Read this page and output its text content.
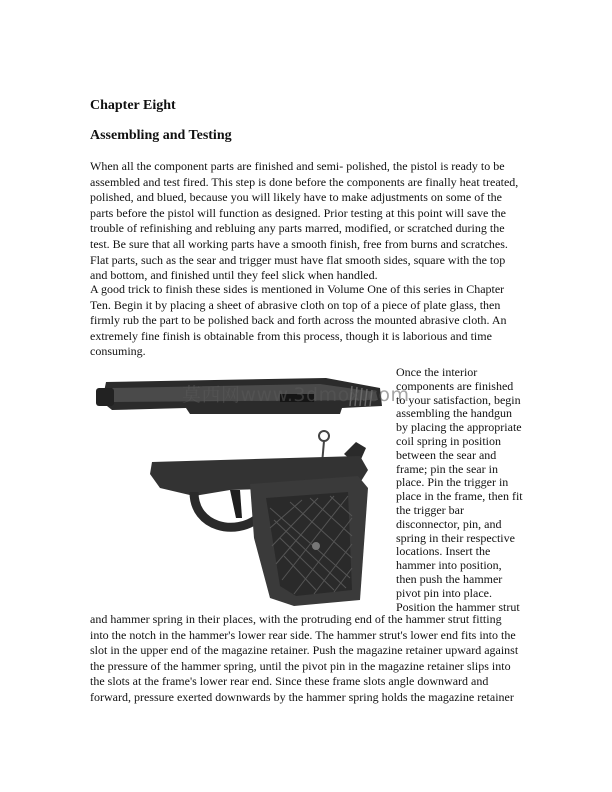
Chapter Eight
Assembling and Testing

When all the component parts are finished and semi- polished, the pistol is ready to be assembled and test fired. This step is done before the components are finally heat treated, polished, and blued, because you will likely have to make adjustments on some of the parts before the pistol will function as designed. Prior testing at this point will save the trouble of refinishing and rebluing any parts marred, modified, or scratched during the test. Be sure that all working parts have a smooth finish, free from burns and scratches. Flat parts, such as the sear and trigger must have flat smooth sides, square with the top and bottom, and finished until they feel slick when handled.

A good trick to finish these sides is mentioned in Volume One of this series in Chapter Ten. Begin it by placing a sheet of abrasive cloth on top of a piece of plate glass, then firmly rub the part to be polished back and forth across the mounted abrasive cloth. An extremely fine finish is obtainable from this process, though it is laborious and time consuming.

莫西网www.3dmox.com

Once the interior components are finished to your satisfaction, begin assembling the handgun by placing the appropriate coil spring in position between the sear and frame; pin the sear in place. Pin the trigger in place in the frame, then fit the trigger bar disconnector, pin, and spring in their respective locations. Insert the hammer into position, then push the hammer pivot pin into place. Position the hammer strut

and hammer spring in their places, with the protruding end of the hammer strut fitting into the notch in the hammer's lower rear side. The hammer strut's lower end fits into the slot in the upper end of the magazine retainer. Push the magazine retainer upward against the pressure of the hammer spring, until the pivot pin in the magazine retainer slips into the slots at the frame's lower rear end. Since these frame slots angle downward and forward, pressure exerted downwards by the hammer spring holds the magazine retainer
